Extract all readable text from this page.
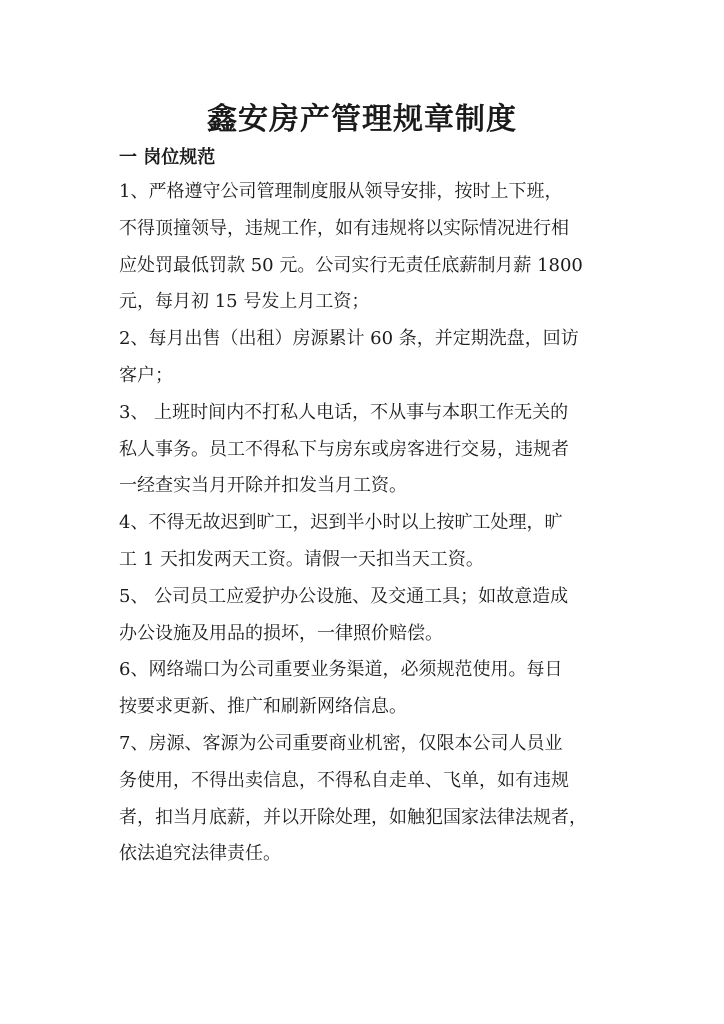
鑫安房产管理规章制度
一 岗位规范
1、严格遵守公司管理制度服从领导安排，按时上下班，
不得顶撞领导，违规工作，如有违规将以实际情况进行相
应处罚最低罚款 50 元。公司实行无责任底薪制月薪 1800
元，每月初 15 号发上月工资；
2、每月出售（出租）房源累计 60 条，并定期洗盘，回访
客户；
3、 上班时间内不打私人电话，不从事与本职工作无关的
私人事务。员工不得私下与房东或房客进行交易，违规者
一经查实当月开除并扣发当月工资。
4、不得无故迟到旷工，迟到半小时以上按旷工处理，旷
工 1 天扣发两天工资。请假一天扣当天工资。
5、 公司员工应爱护办公设施、及交通工具；如故意造成
办公设施及用品的损坏，一律照价赔偿。
6、网络端口为公司重要业务渠道，必须规范使用。每日
按要求更新、推广和刷新网络信息。
7、房源、客源为公司重要商业机密，仅限本公司人员业
务使用，不得出卖信息，不得私自走单、飞单，如有违规
者，扣当月底薪，并以开除处理，如触犯国家法律法规者，
依法追究法律责任。
